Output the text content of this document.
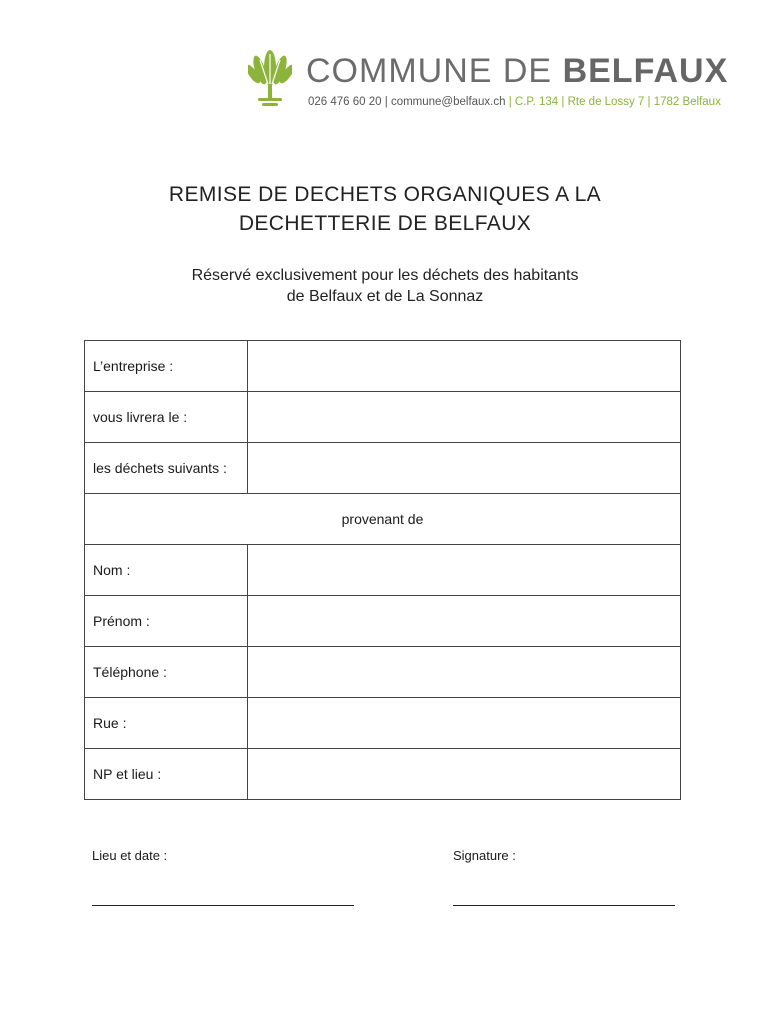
COMMUNE DE BELFAUX
026 476 60 20 | commune@belfaux.ch | C.P. 134 | Rte de Lossy 7 | 1782 Belfaux
REMISE DE DECHETS ORGANIQUES A LA
DECHETTERIE DE BELFAUX
Réservé exclusivement pour les déchets des habitants
de Belfaux et de La Sonnaz
L’entreprise :	
vous livrera le :	
les déchets suivants :	
provenant de	
Nom :	
Prénom :	
Téléphone :	
Rue :	
NP et lieu :	
Lieu et date :	Signature :
